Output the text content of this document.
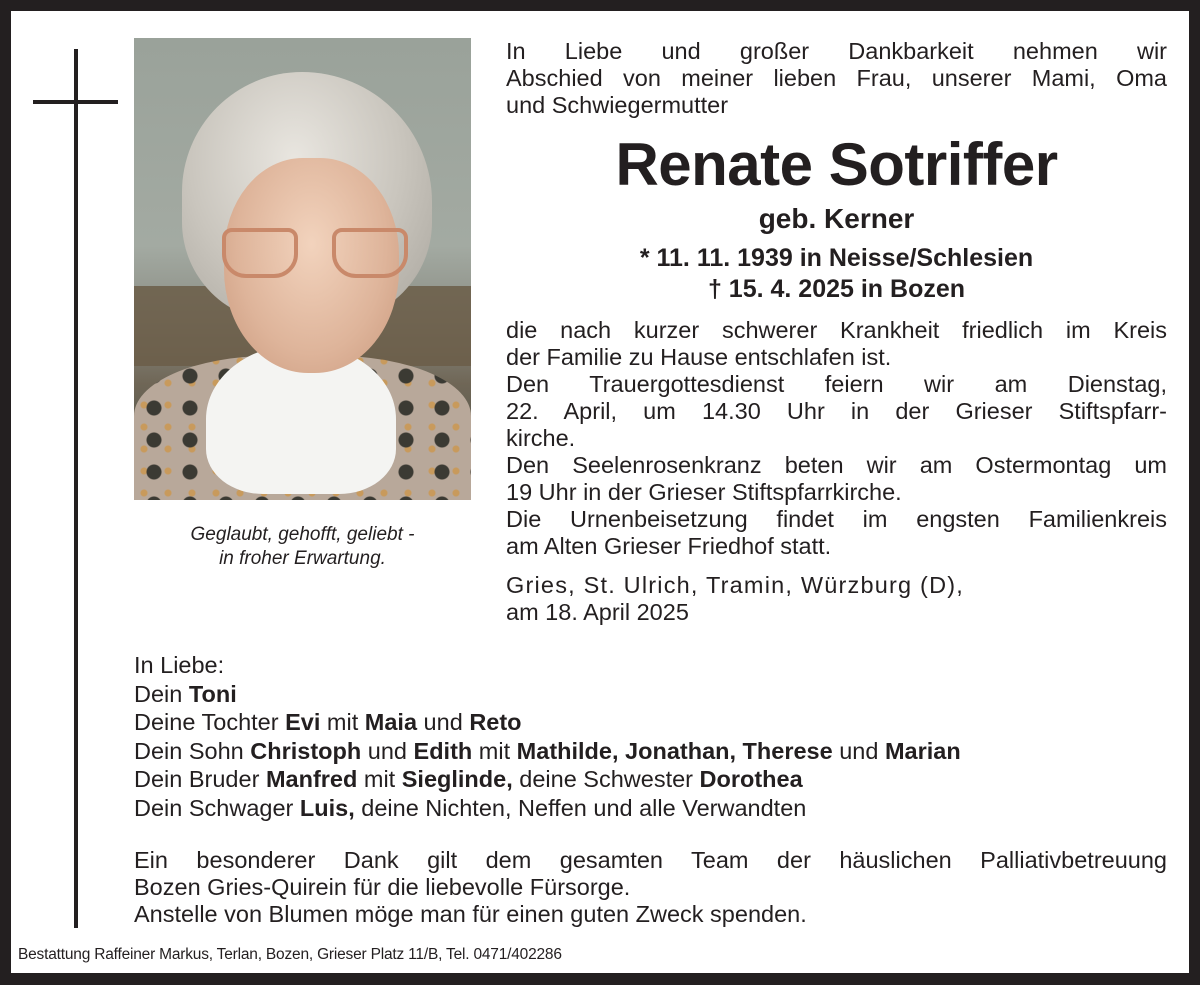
Geglaubt, gehofft, geliebt -
in froher Erwartung.
In Liebe und großer Dankbarkeit nehmen wir
Abschied von meiner lieben Frau, unserer Mami, Oma
und Schwiegermutter
Renate Sotriffer
geb. Kerner
* 11. 11. 1939 in Neisse/Schlesien
† 15. 4. 2025 in Bozen
die nach kurzer schwerer Krankheit friedlich im Kreis
der Familie zu Hause entschlafen ist.
Den Trauergottesdienst feiern wir am Dienstag,
22. April, um 14.30 Uhr in der Grieser Stiftspfarr-
kirche.
Den Seelenrosenkranz beten wir am Ostermontag um
19 Uhr in der Grieser Stiftspfarrkirche.
Die Urnenbeisetzung findet im engsten Familienkreis
am Alten Grieser Friedhof statt.
Gries, St. Ulrich, Tramin, Würzburg (D),
am 18. April 2025
In Liebe:
Dein Toni
Deine Tochter Evi mit Maia und Reto
Dein Sohn Christoph und Edith mit Mathilde, Jonathan, Therese und Marian
Dein Bruder Manfred mit Sieglinde, deine Schwester Dorothea
Dein Schwager Luis, deine Nichten, Neffen und alle Verwandten
Ein besonderer Dank gilt dem gesamten Team der häuslichen Palliativbetreuung
Bozen Gries-Quirein für die liebevolle Fürsorge.
Anstelle von Blumen möge man für einen guten Zweck spenden.
Bestattung Raffeiner Markus, Terlan, Bozen, Grieser Platz 11/B, Tel. 0471/402286
